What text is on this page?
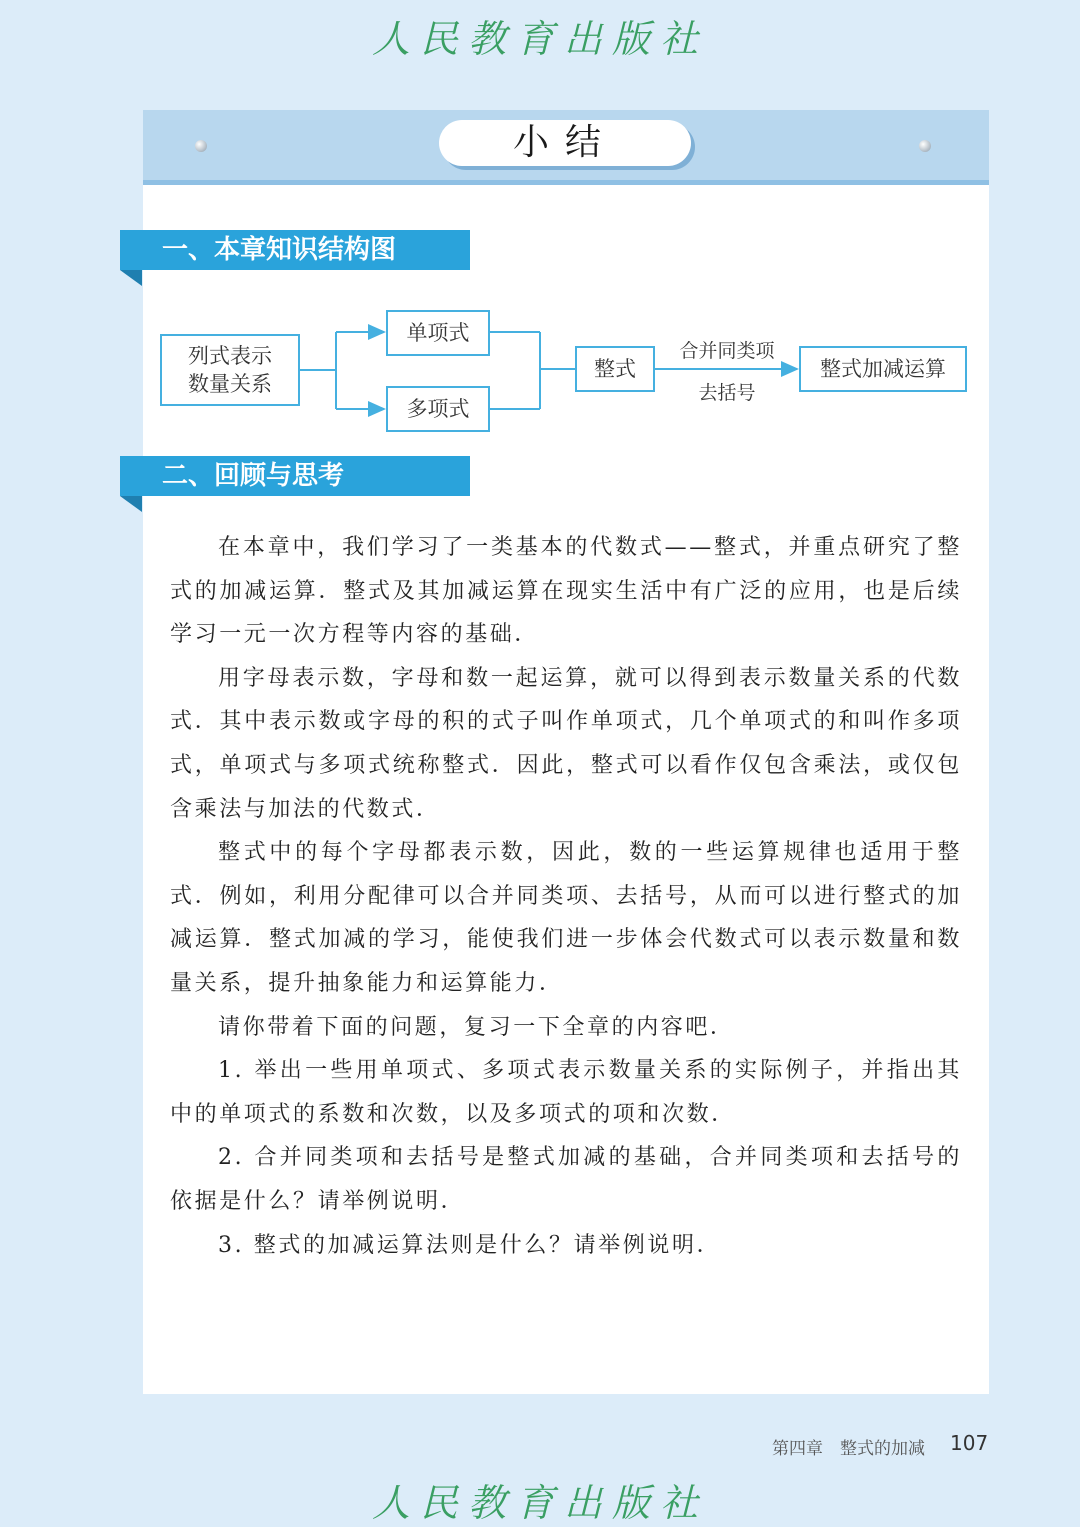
人民教育出版社
小结
一、本章知识结构图
列式表示
数量关系
单项式
多项式
整式
合并同类项
去括号
整式加减运算
二、回顾与思考

在本章中，我们学习了一类基本的代数式——整式，并重点研究了整式的加减运算．整式及其加减运算在现实生活中有广泛的应用，也是后续学习一元一次方程等内容的基础．

用字母表示数，字母和数一起运算，就可以得到表示数量关系的代数式．其中表示数或字母的积的式子叫作单项式，几个单项式的和叫作多项式，单项式与多项式统称整式．因此，整式可以看作仅包含乘法，或仅包含乘法与加法的代数式．

整式中的每个字母都表示数，因此，数的一些运算规律也适用于整式．例如，利用分配律可以合并同类项、去括号，从而可以进行整式的加减运算．整式加减的学习，能使我们进一步体会代数式可以表示数量和数量关系，提升抽象能力和运算能力．

请你带着下面的问题，复习一下全章的内容吧．

1. 举出一些用单项式、多项式表示数量关系的实际例子，并指出其中的单项式的系数和次数，以及多项式的项和次数．

2. 合并同类项和去括号是整式加减的基础，合并同类项和去括号的依据是什么？请举例说明．

3. 整式的加减运算法则是什么？请举例说明．

第四章　整式的加减 107
人民教育出版社
